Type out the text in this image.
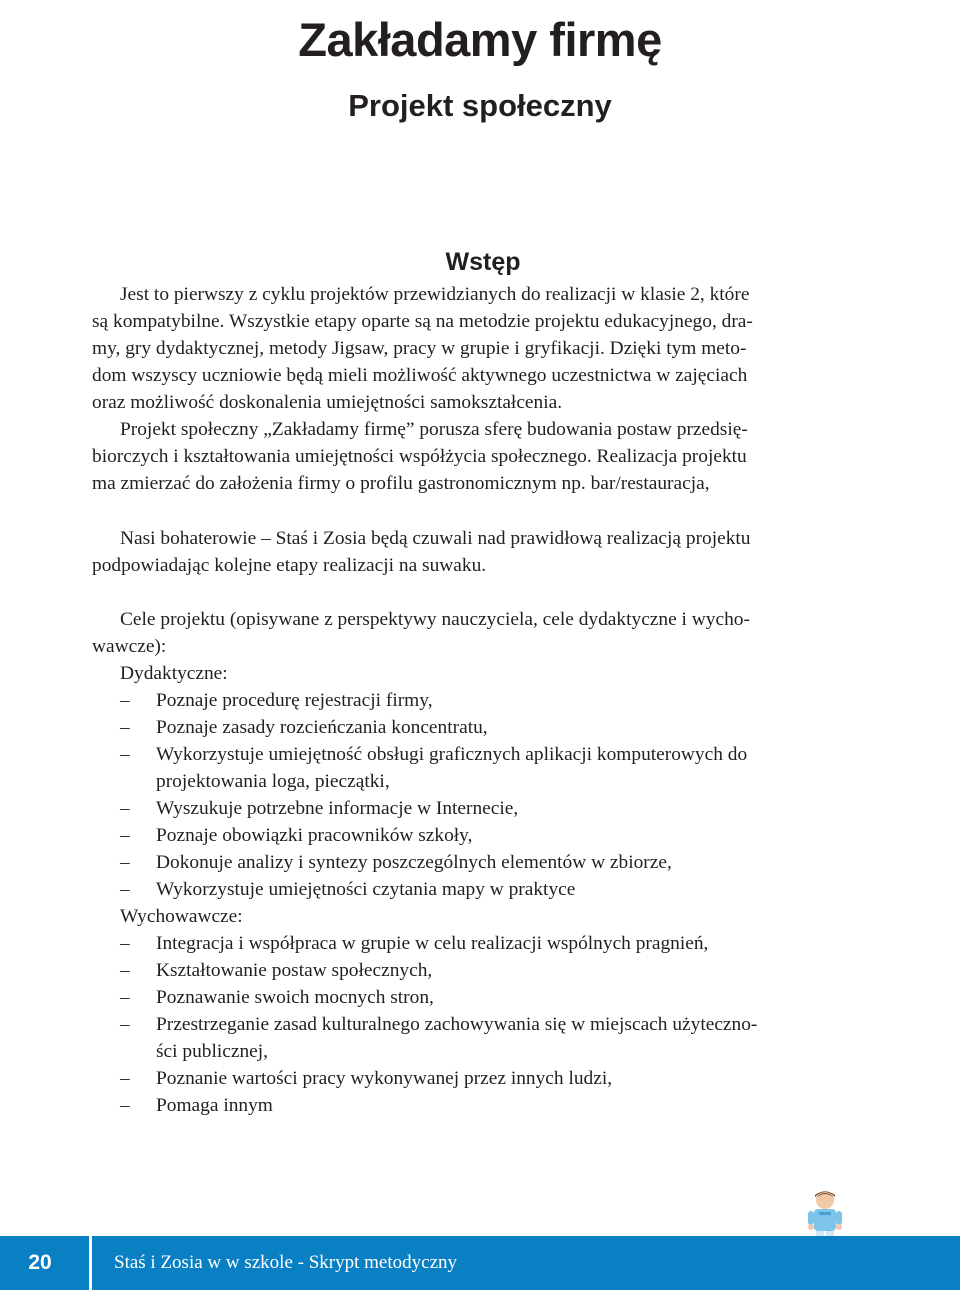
Zakładamy firmę
Projekt społeczny
Wstęp
Jest to pierwszy z cyklu projektów przewidzianych do realizacji w klasie 2, które
są kompatybilne. Wszystkie etapy oparte są na metodzie projektu edukacyjnego, dra-
my, gry dydaktycznej, metody Jigsaw, pracy w grupie i gryfikacji. Dzięki tym meto-
dom wszyscy uczniowie będą mieli możliwość aktywnego uczestnictwa w zajęciach
oraz możliwość doskonalenia umiejętności samokształcenia.
Projekt społeczny „Zakładamy firmę” porusza sferę budowania postaw przedsię-
biorczych i kształtowania umiejętności współżycia społecznego. Realizacja projektu
ma zmierzać do założenia firmy o profilu gastronomicznym np. bar/restauracja,
Nasi bohaterowie – Staś i Zosia będą czuwali nad prawidłową realizacją projektu
podpowiadając kolejne etapy realizacji na suwaku.
Cele projektu (opisywane z perspektywy nauczyciela, cele dydaktyczne i wycho-
wawcze):
Dydaktyczne:
– Poznaje procedurę rejestracji firmy,
– Poznaje zasady rozcieńczania koncentratu,
– Wykorzystuje umiejętność obsługi graficznych aplikacji komputerowych do
projektowania loga, pieczątki,
– Wyszukuje potrzebne informacje w Internecie,
– Poznaje obowiązki pracowników szkoły,
– Dokonuje analizy i syntezy poszczególnych elementów w zbiorze,
– Wykorzystuje umiejętności czytania mapy w praktyce
Wychowawcze:
– Integracja i współpraca w grupie w celu realizacji wspólnych pragnień,
– Kształtowanie postaw społecznych,
– Poznawanie swoich mocnych stron,
– Przestrzeganie zasad kulturalnego zachowywania się w miejscach użyteczno-
ści publicznej,
– Poznanie wartości pracy wykonywanej przez innych ludzi,
– Pomaga innym
20	Staś i Zosia w w szkole - Skrypt metodyczny
